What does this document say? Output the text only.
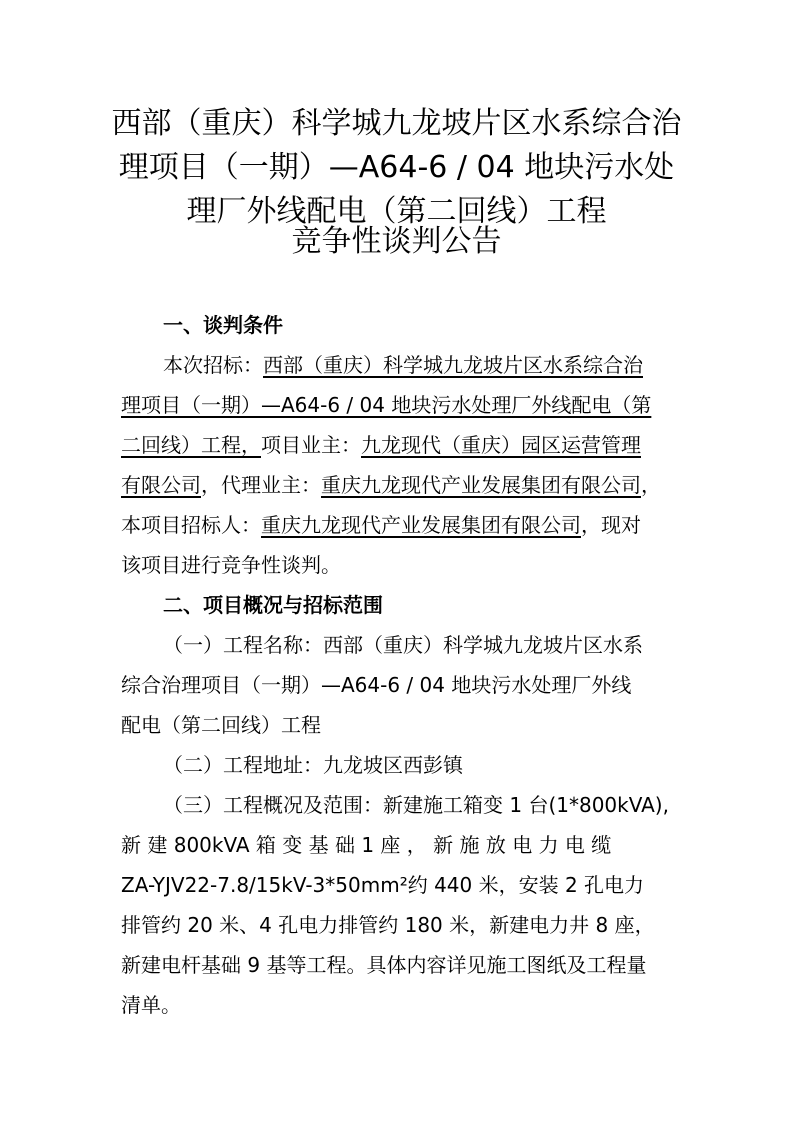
西部（重庆）科学城九龙坡片区水系综合治
理项目（一期）—A64-6 / 04 地块污水处
理厂外线配电（第二回线）工程
竞争性谈判公告
一、谈判条件
本次招标：西部（重庆）科学城九龙坡片区水系综合治
理项目（一期）—A64-6 / 04 地块污水处理厂外线配电（第
二回线）工程，项目业主：九龙现代（重庆）园区运营管理
有限公司，代理业主：重庆九龙现代产业发展集团有限公司，
本项目招标人：重庆九龙现代产业发展集团有限公司，现对
该项目进行竞争性谈判。
二、项目概况与招标范围
（一）工程名称：西部（重庆）科学城九龙坡片区水系
综合治理项目（一期）—A64-6 / 04 地块污水处理厂外线
配电（第二回线）工程
（二）工程地址：九龙坡区西彭镇
（三）工程概况及范围：新建施工箱变 1 台(1*800kVA),
新 建 800kVA 箱 变 基 础 1 座 ， 新 施 放 电 力 电 缆
ZA-YJV22-7.8/15kV-3*50mm²约 440 米，安装 2 孔电力
排管约 20 米、4 孔电力排管约 180 米，新建电力井 8 座，
新建电杆基础 9 基等工程。具体内容详见施工图纸及工程量
清单。
